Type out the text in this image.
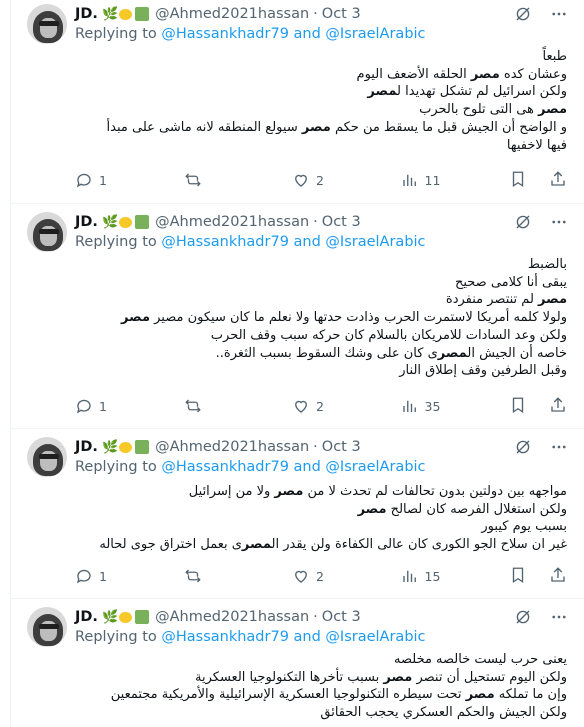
JD. 🌿	@Ahmed2021hassan · Oct 3
Replying to @Hassankhadr79 and @IsraelArabic
طبعاً
وعشان كده مصر الحلقه الأضعف اليوم
ولكن اسرائيل لم تشكل تهديدا لمصر
مصر هى التى تلوح بالحرب
و الواضح أن الجيش قبل ما يسقط من حكم مصر سيولع المنطقه لانه ماشى على مبدأ
فيها لاخفيها
1	2	11
JD. 🌿	@Ahmed2021hassan · Oct 3
Replying to @Hassankhadr79 and @IsraelArabic
بالضبط
يبقى أنا كلامى صحيح
مصر لم تنتصر منفردة
ولولا كلمه أمريكا لاستمرت الحرب وذادت حدتها ولا نعلم ما كان سيكون مصير مصر
ولكن وعد السادات للامريكان بالسلام كان حركه سبب وقف الحرب
خاصه أن الجيش المصرى كان على وشك السقوط بسبب الثغرة..
وقبل الطرفين وقف إطلاق النار
1	2	35
JD. 🌿	@Ahmed2021hassan · Oct 3
Replying to @Hassankhadr79 and @IsraelArabic
مواجهه بين دولتين بدون تحالفات لم تحدث لا من مصر ولا من إسرائيل
ولكن استغلال الفرصه كان لصالح مصر
بسبب يوم كيبور
غير ان سلاح الجو الكورى كان عالى الكفاءة ولن يقدر المصرى بعمل اختراق جوى لحاله
1	2	15
JD. 🌿	@Ahmed2021hassan · Oct 3
Replying to @Hassankhadr79 and @IsraelArabic
يعنى حرب ليست خالصه مخلصه
ولكن اليوم تستحيل أن تنصر مصر بسبب تأخرها التكنولوجيا العسكرية
وإن ما تملكه مصر تحت سيطره التكنولوجيا العسكرية الإسرائيلية والأمريكية مجتمعين
ولكن الجيش والحكم العسكري يحجب الحقائق
